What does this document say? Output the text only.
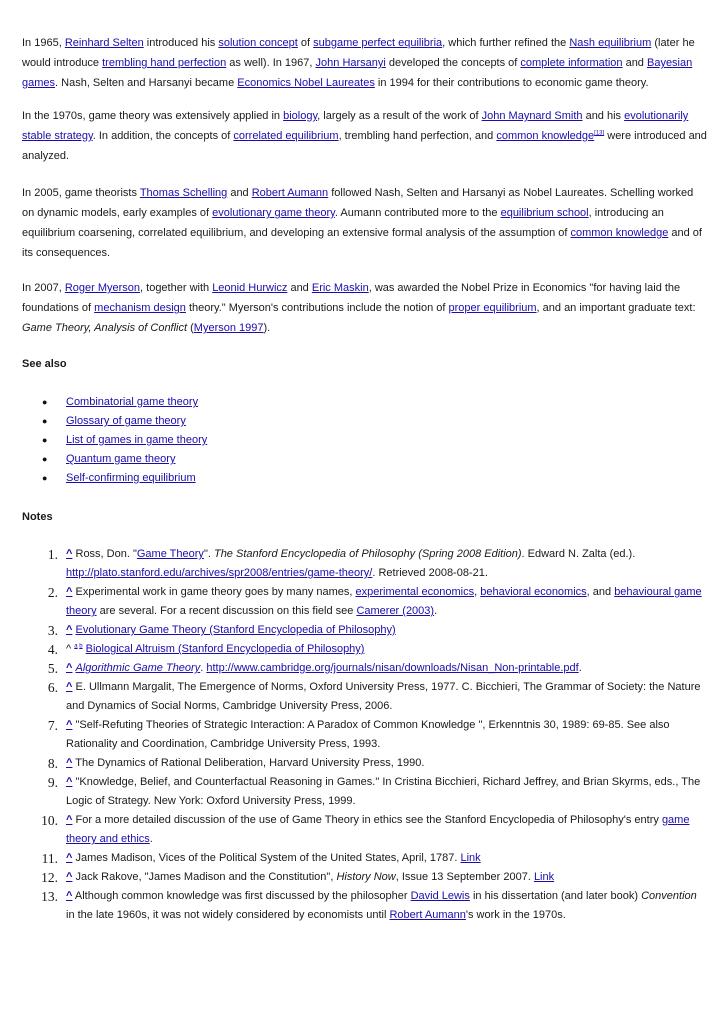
In 1965, Reinhard Selten introduced his solution concept of subgame perfect equilibria, which further refined the Nash equilibrium (later he would introduce trembling hand perfection as well). In 1967, John Harsanyi developed the concepts of complete information and Bayesian games. Nash, Selten and Harsanyi became Economics Nobel Laureates in 1994 for their contributions to economic game theory.

In the 1970s, game theory was extensively applied in biology, largely as a result of the work of John Maynard Smith and his evolutionarily stable strategy. In addition, the concepts of correlated equilibrium, trembling hand perfection, and common knowledge[13] were introduced and analyzed.

In 2005, game theorists Thomas Schelling and Robert Aumann followed Nash, Selten and Harsanyi as Nobel Laureates. Schelling worked on dynamic models, early examples of evolutionary game theory. Aumann contributed more to the equilibrium school, introducing an equilibrium coarsening, correlated equilibrium, and developing an extensive formal analysis of the assumption of common knowledge and of its consequences.

In 2007, Roger Myerson, together with Leonid Hurwicz and Eric Maskin, was awarded the Nobel Prize in Economics "for having laid the foundations of mechanism design theory." Myerson's contributions include the notion of proper equilibrium, and an important graduate text: Game Theory, Analysis of Conflict (Myerson 1997).

See also

● Combinatorial game theory
● Glossary of game theory
● List of games in game theory
● Quantum game theory
● Self-confirming equilibrium

Notes

1. ^ Ross, Don. "Game Theory". The Stanford Encyclopedia of Philosophy (Spring 2008 Edition). Edward N. Zalta (ed.). http://plato.stanford.edu/archives/spr2008/entries/game-theory/. Retrieved 2008-08-21.
2. ^ Experimental work in game theory goes by many names, experimental economics, behavioral economics, and behavioural game theory are several. For a recent discussion on this field see Camerer (2003).
3. ^ Evolutionary Game Theory (Stanford Encyclopedia of Philosophy)
4. ^ $^{a b}$ Biological Altruism (Stanford Encyclopedia of Philosophy)
5. ^ Algorithmic Game Theory. http://www.cambridge.org/journals/nisan/downloads/Nisan_Non-printable.pdf.
6. ^ E. Ullmann Margalit, The Emergence of Norms, Oxford University Press, 1977. C. Bicchieri, The Grammar of Society: the Nature and Dynamics of Social Norms, Cambridge University Press, 2006.
7. ^ "Self-Refuting Theories of Strategic Interaction: A Paradox of Common Knowledge ", Erkenntnis 30, 1989: 69-85. See also Rationality and Coordination, Cambridge University Press, 1993.
8. ^ The Dynamics of Rational Deliberation, Harvard University Press, 1990.
9. ^ "Knowledge, Belief, and Counterfactual Reasoning in Games." In Cristina Bicchieri, Richard Jeffrey, and Brian Skyrms, eds., The Logic of Strategy. New York: Oxford University Press, 1999.
10. ^ For a more detailed discussion of the use of Game Theory in ethics see the Stanford Encyclopedia of Philosophy's entry game theory and ethics.
11. ^ James Madison, Vices of the Political System of the United States, April, 1787. Link
12. ^ Jack Rakove, "James Madison and the Constitution", History Now, Issue 13 September 2007. Link
13. ^ Although common knowledge was first discussed by the philosopher David Lewis in his dissertation (and later book) Convention in the late 1960s, it was not widely considered by economists until Robert Aumann's work in the 1970s.
